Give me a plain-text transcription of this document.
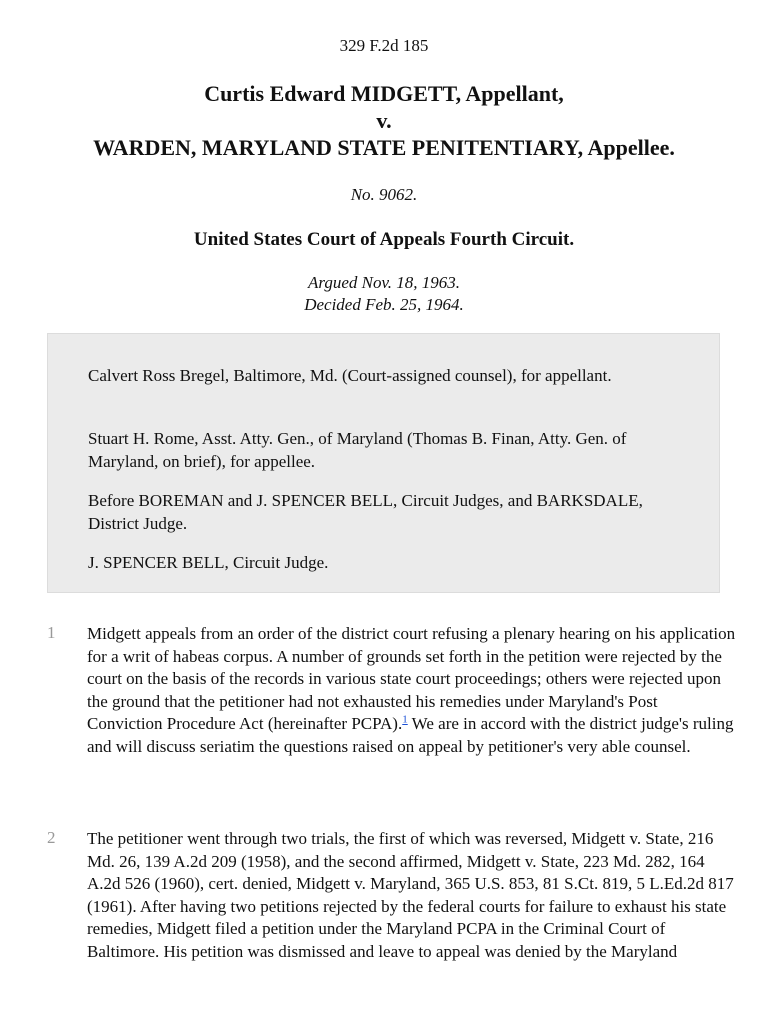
329 F.2d 185
Curtis Edward MIDGETT, Appellant,
v.
WARDEN, MARYLAND STATE PENITENTIARY, Appellee.
No. 9062.
United States Court of Appeals Fourth Circuit.
Argued Nov. 18, 1963.
Decided Feb. 25, 1964.

Calvert Ross Bregel, Baltimore, Md. (Court-assigned counsel), for appellant.

Stuart H. Rome, Asst. Atty. Gen., of Maryland (Thomas B. Finan, Atty. Gen. of Maryland, on brief), for appellee.

Before BOREMAN and J. SPENCER BELL, Circuit Judges, and BARKSDALE, District Judge.

J. SPENCER BELL, Circuit Judge.

1 Midgett appeals from an order of the district court refusing a plenary hearing on his application for a writ of habeas corpus. A number of grounds set forth in the petition were rejected by the court on the basis of the records in various state court proceedings; others were rejected upon the ground that the petitioner had not exhausted his remedies under Maryland's Post Conviction Procedure Act (hereinafter PCPA).$^1$ We are in accord with the district judge's ruling and will discuss seriatim the questions raised on appeal by petitioner's very able counsel.

2 The petitioner went through two trials, the first of which was reversed, Midgett v. State, 216 Md. 26, 139 A.2d 209 (1958), and the second affirmed, Midgett v. State, 223 Md. 282, 164 A.2d 526 (1960), cert. denied, Midgett v. Maryland, 365 U.S. 853, 81 S.Ct. 819, 5 L.Ed.2d 817 (1961). After having two petitions rejected by the federal courts for failure to exhaust his state remedies, Midgett filed a petition under the Maryland PCPA in the Criminal Court of Baltimore. His petition was dismissed and leave to appeal was denied by the Maryland
